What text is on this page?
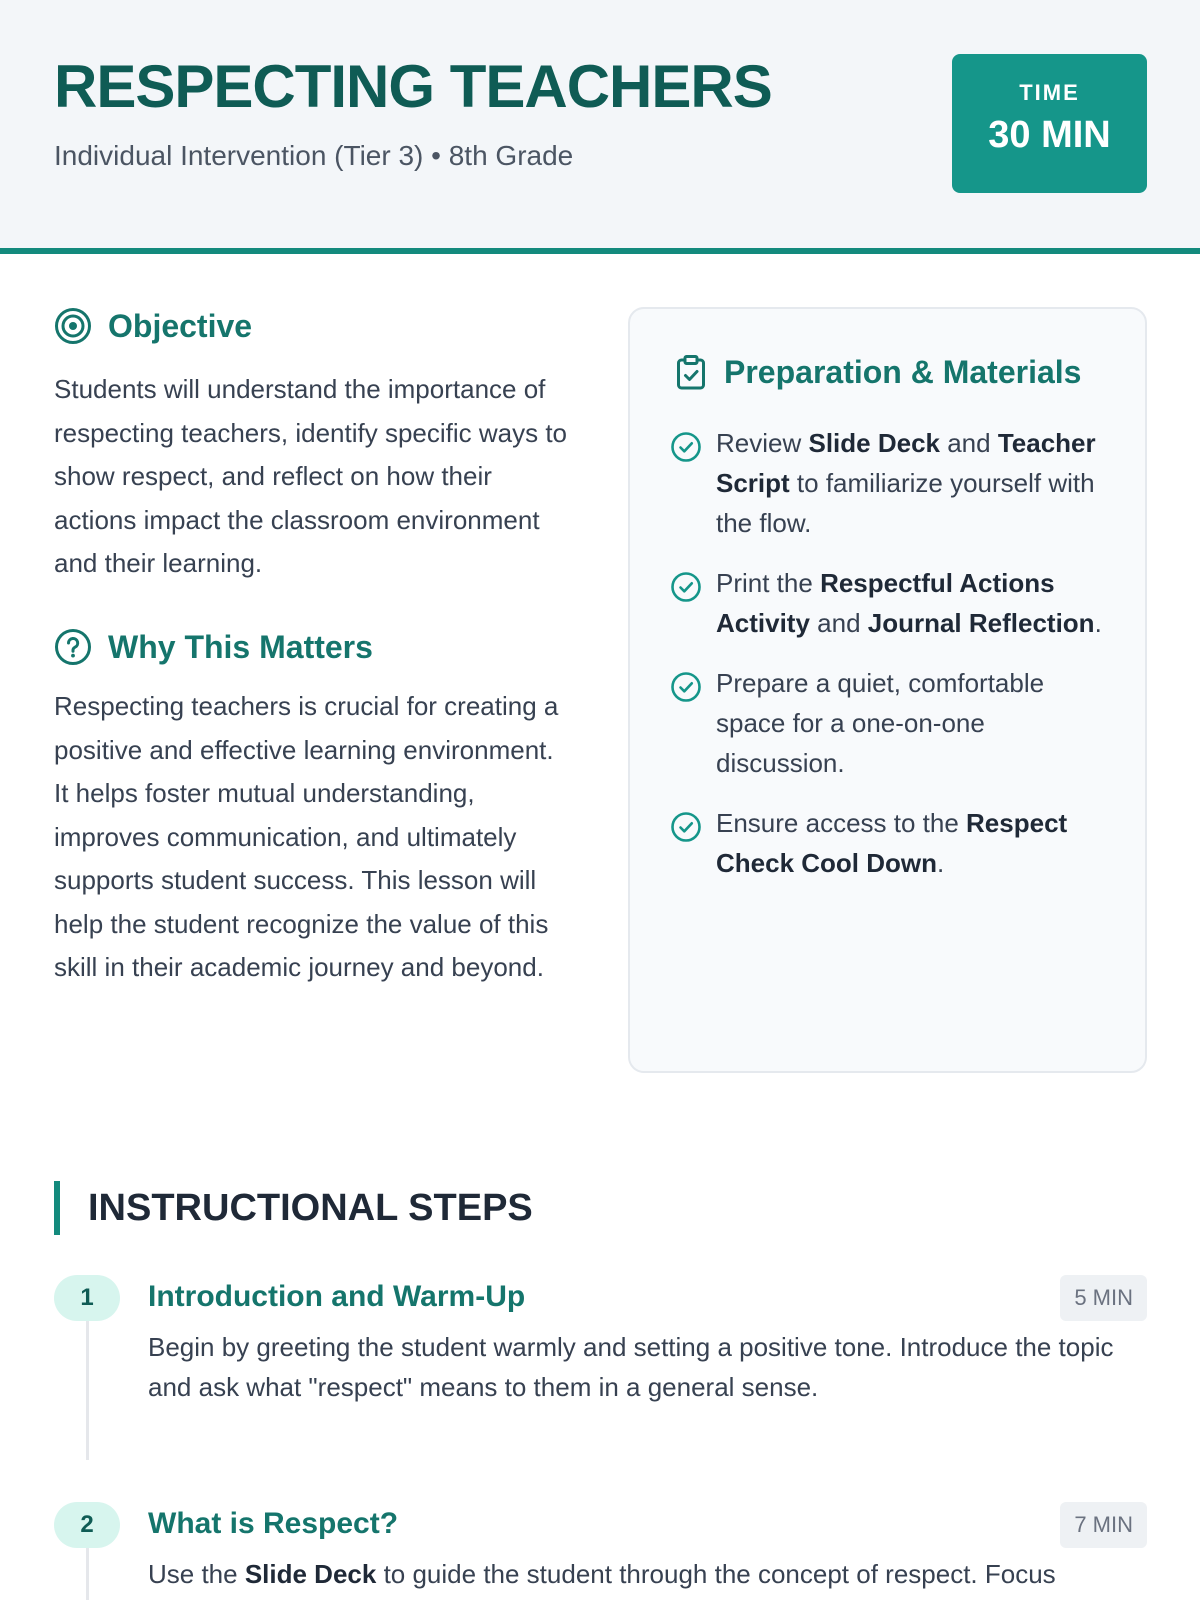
RESPECTING TEACHERS
Individual Intervention (Tier 3) • 8th Grade
TIME
30 MIN
Objective

Students will understand the importance of respecting teachers, identify specific ways to show respect, and reflect on how their actions impact the classroom environment and their learning.

Why This Matters

Respecting teachers is crucial for creating a positive and effective learning environment. It helps foster mutual understanding, improves communication, and ultimately supports student success. This lesson will help the student recognize the value of this skill in their academic journey and beyond.

Preparation & Materials
Review Slide Deck and Teacher Script to familiarize yourself with the flow.
Print the Respectful Actions Activity and Journal Reflection.
Prepare a quiet, comfortable space for a one-on-one discussion.
Ensure access to the Respect Check Cool Down.
INSTRUCTIONAL STEPS
1	Introduction and Warm-Up	5 MIN

Begin by greeting the student warmly and setting a positive tone. Introduce the topic and ask what "respect" means to them in a general sense.

2	What is Respect?	7 MIN

Use the Slide Deck to guide the student through the concept of respect. Focus
